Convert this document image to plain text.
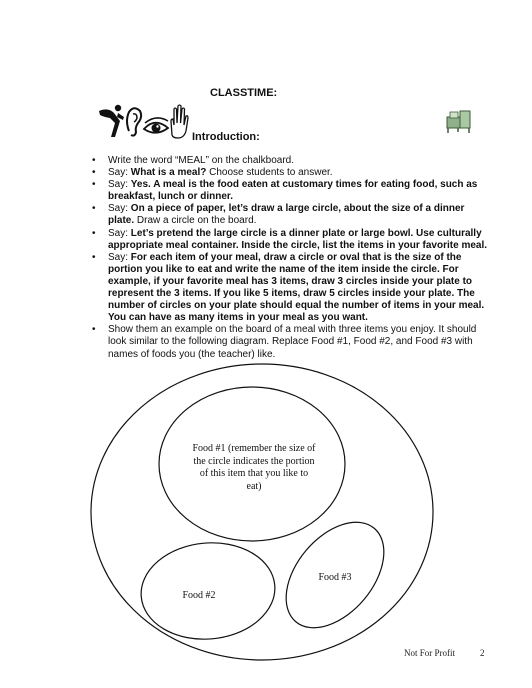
CLASSTIME:
Introduction:
• Write the word “MEAL” on the chalkboard.
• Say: What is a meal? Choose students to answer.
• Say: Yes. A meal is the food eaten at customary times for eating food, such as breakfast, lunch or dinner.
• Say: On a piece of paper, let’s draw a large circle, about the size of a dinner plate. Draw a circle on the board.
• Say: Let’s pretend the large circle is a dinner plate or large bowl. Use culturally appropriate meal container. Inside the circle, list the items in your favorite meal.
• Say: For each item of your meal, draw a circle or oval that is the size of the portion you like to eat and write the name of the item inside the circle. For example, if your favorite meal has 3 items, draw 3 circles inside your plate to represent the 3 items. If you like 5 items, draw 5 circles inside your plate. The number of circles on your plate should equal the number of items in your meal. You can have as many items in your meal as you want.
• Show them an example on the board of a meal with three items you enjoy. It should look similar to the following diagram. Replace Food #1, Food #2, and Food #3 with names of foods you (the teacher) like.
Food #1 (remember the size of the circle indicates the portion of this item that you like to eat)
Food #2
Food #3
Not For Profit	2
